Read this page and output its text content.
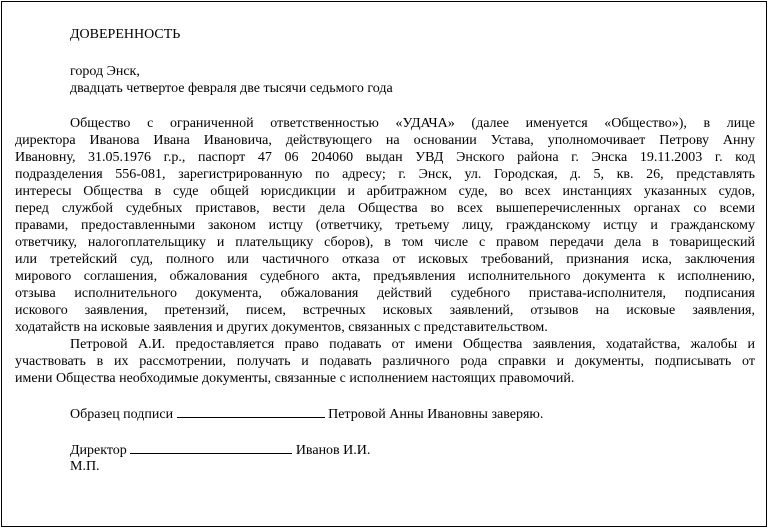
ДОВЕРЕННОСТЬ
город Энск,
двадцать четвертое февраля две тысячи седьмого года
Общество с ограниченной ответственностью «УДАЧА» (далее именуется «Общество»), в лице
директора Иванова Ивана Ивановича, действующего на основании Устава, уполномочивает Петрову Анну
Ивановну, 31.05.1976 г.р., паспорт 47 06 204060 выдан УВД Энского района г. Энска 19.11.2003 г. код
подразделения 556-081, зарегистрированную по адресу; г. Энск, ул. Городская, д. 5, кв. 26, представлять
интересы Общества в суде общей юрисдикции и арбитражном суде, во всех инстанциях указанных судов,
перед службой судебных приставов, вести дела Общества во всех вышеперечисленных органах со всеми
правами, предоставленными законом истцу (ответчику, третьему лицу, гражданскому истцу и гражданскому
ответчику, налогоплательщику и плательщику сборов), в том числе с правом передачи дела в товарищеский
или третейский суд, полного или частичного отказа от исковых требований, признания иска, заключения
мирового соглашения, обжалования судебного акта, предъявления исполнительного документа к исполнению,
отзыва исполнительного документа, обжалования действий судебного пристава-исполнителя, подписания
искового заявления, претензий, писем, встречных исковых заявлений, отзывов на исковые заявления,
ходатайств на исковые заявления и других документов, связанных с представительством.
Петровой А.И. предоставляется право подавать от имени Общества заявления, ходатайства, жалобы и
участвовать в их рассмотрении, получать и подавать различного рода справки и документы, подписывать от
имени Общества необходимые документы, связанные с исполнением настоящих правомочий.
Образец подписи	Петровой Анны Ивановны заверяю.
Директор	Иванов И.И.
М.П.
